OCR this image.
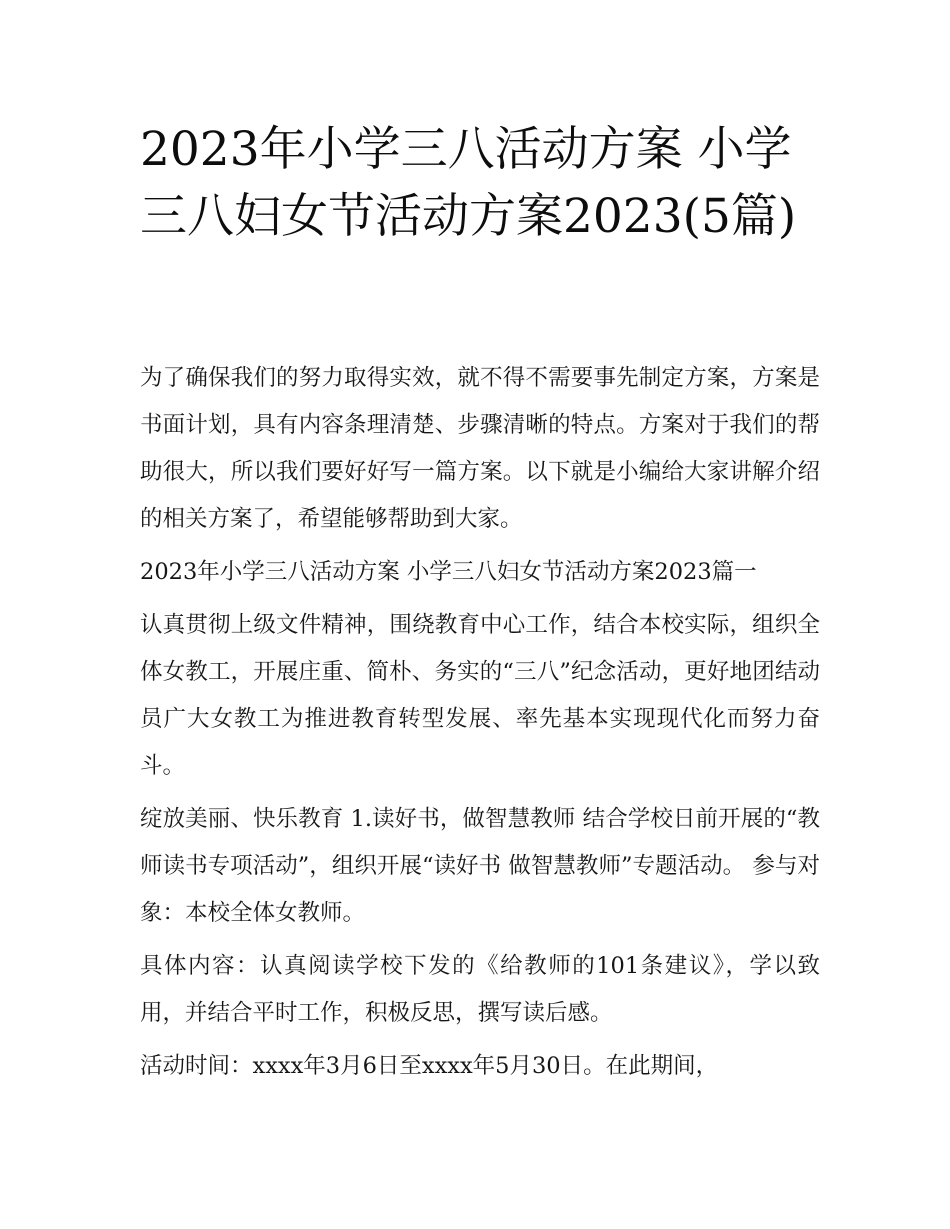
2023年小学三八活动方案 小学三八妇女节活动方案2023(5篇)

为了确保我们的努力取得实效，就不得不需要事先制定方案，方案是书面计划，具有内容条理清楚、步骤清晰的特点。方案对于我们的帮助很大，所以我们要好好写一篇方案。以下就是小编给大家讲解介绍的相关方案了，希望能够帮助到大家。

2023年小学三八活动方案 小学三八妇女节活动方案2023篇一

认真贯彻上级文件精神，围绕教育中心工作，结合本校实际，组织全体女教工，开展庄重、简朴、务实的“三八”纪念活动，更好地团结动员广大女教工为推进教育转型发展、率先基本实现现代化而努力奋斗。

绽放美丽、快乐教育 1.读好书，做智慧教师 结合学校日前开展的“教师读书专项活动”，组织开展“读好书 做智慧教师”专题活动。 参与对象：本校全体女教师。

具体内容：认真阅读学校下发的《给教师的101条建议》，学以致用，并结合平时工作，积极反思，撰写读后感。

活动时间：xxxx年3月6日至xxxx年5月30日。在此期间，
